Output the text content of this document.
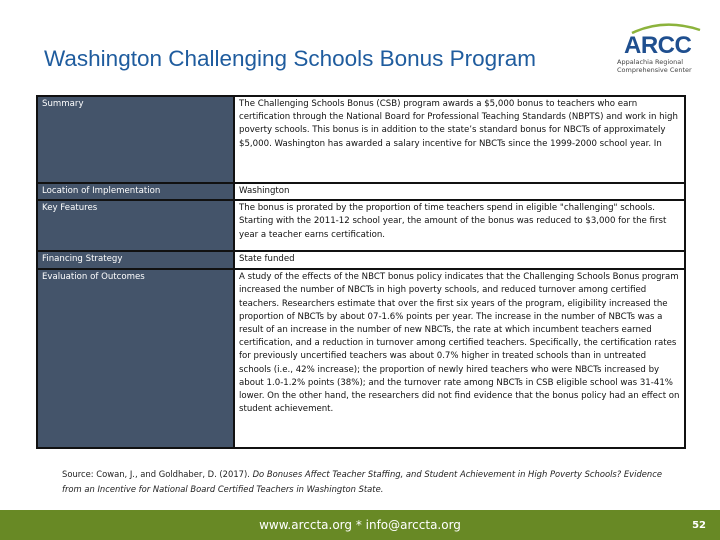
Washington Challenging Schools Bonus Program	ARCC
Appalachia Regional Comprehensive Center
Summary	The Challenging Schools Bonus (CSB) program awards a $5,000 bonus to teachers who earn certification through the National Board for Professional Teaching Standards (NBPTS) and work in high poverty schools. This bonus is in addition to the state’s standard bonus for NBCTs of approximately $5,000. Washington has awarded a salary incentive for NBCTs since the 1999-2000 school year. In
Location of Implementation	Washington
Key Features	The bonus is prorated by the proportion of time teachers spend in eligible "challenging" schools. Starting with the 2011-12 school year, the amount of the bonus was reduced to $3,000 for the first year a teacher earns certification.
Financing Strategy	State funded
Evaluation of Outcomes	A study of the effects of the NBCT bonus policy indicates that the Challenging Schools Bonus program increased the number of NBCTs in high poverty schools, and reduced turnover among certified teachers. Researchers estimate that over the first six years of the program, eligibility increased the proportion of NBCTs by about 07-1.6% points per year. The increase in the number of NBCTs was a result of an increase in the number of new NBCTs, the rate at which incumbent teachers earned certification, and a reduction in turnover among certified teachers. Specifically, the certification rates for previously uncertified teachers was about 0.7% higher in treated schools than in untreated schools (i.e., 42% increase); the proportion of newly hired teachers who were NBCTs increased by about 1.0-1.2% points (38%); and the turnover rate among NBCTs in CSB eligible school was 31-41% lower. On the other hand, the researchers did not find evidence that the bonus policy had an effect on student achievement.
Source: Cowan, J., and Goldhaber, D. (2017). Do Bonuses Affect Teacher Staffing, and Student Achievement in High Poverty Schools? Evidence from an Incentive for National Board Certified Teachers in Washington State.
www.arccta.org * info@arccta.org	52
